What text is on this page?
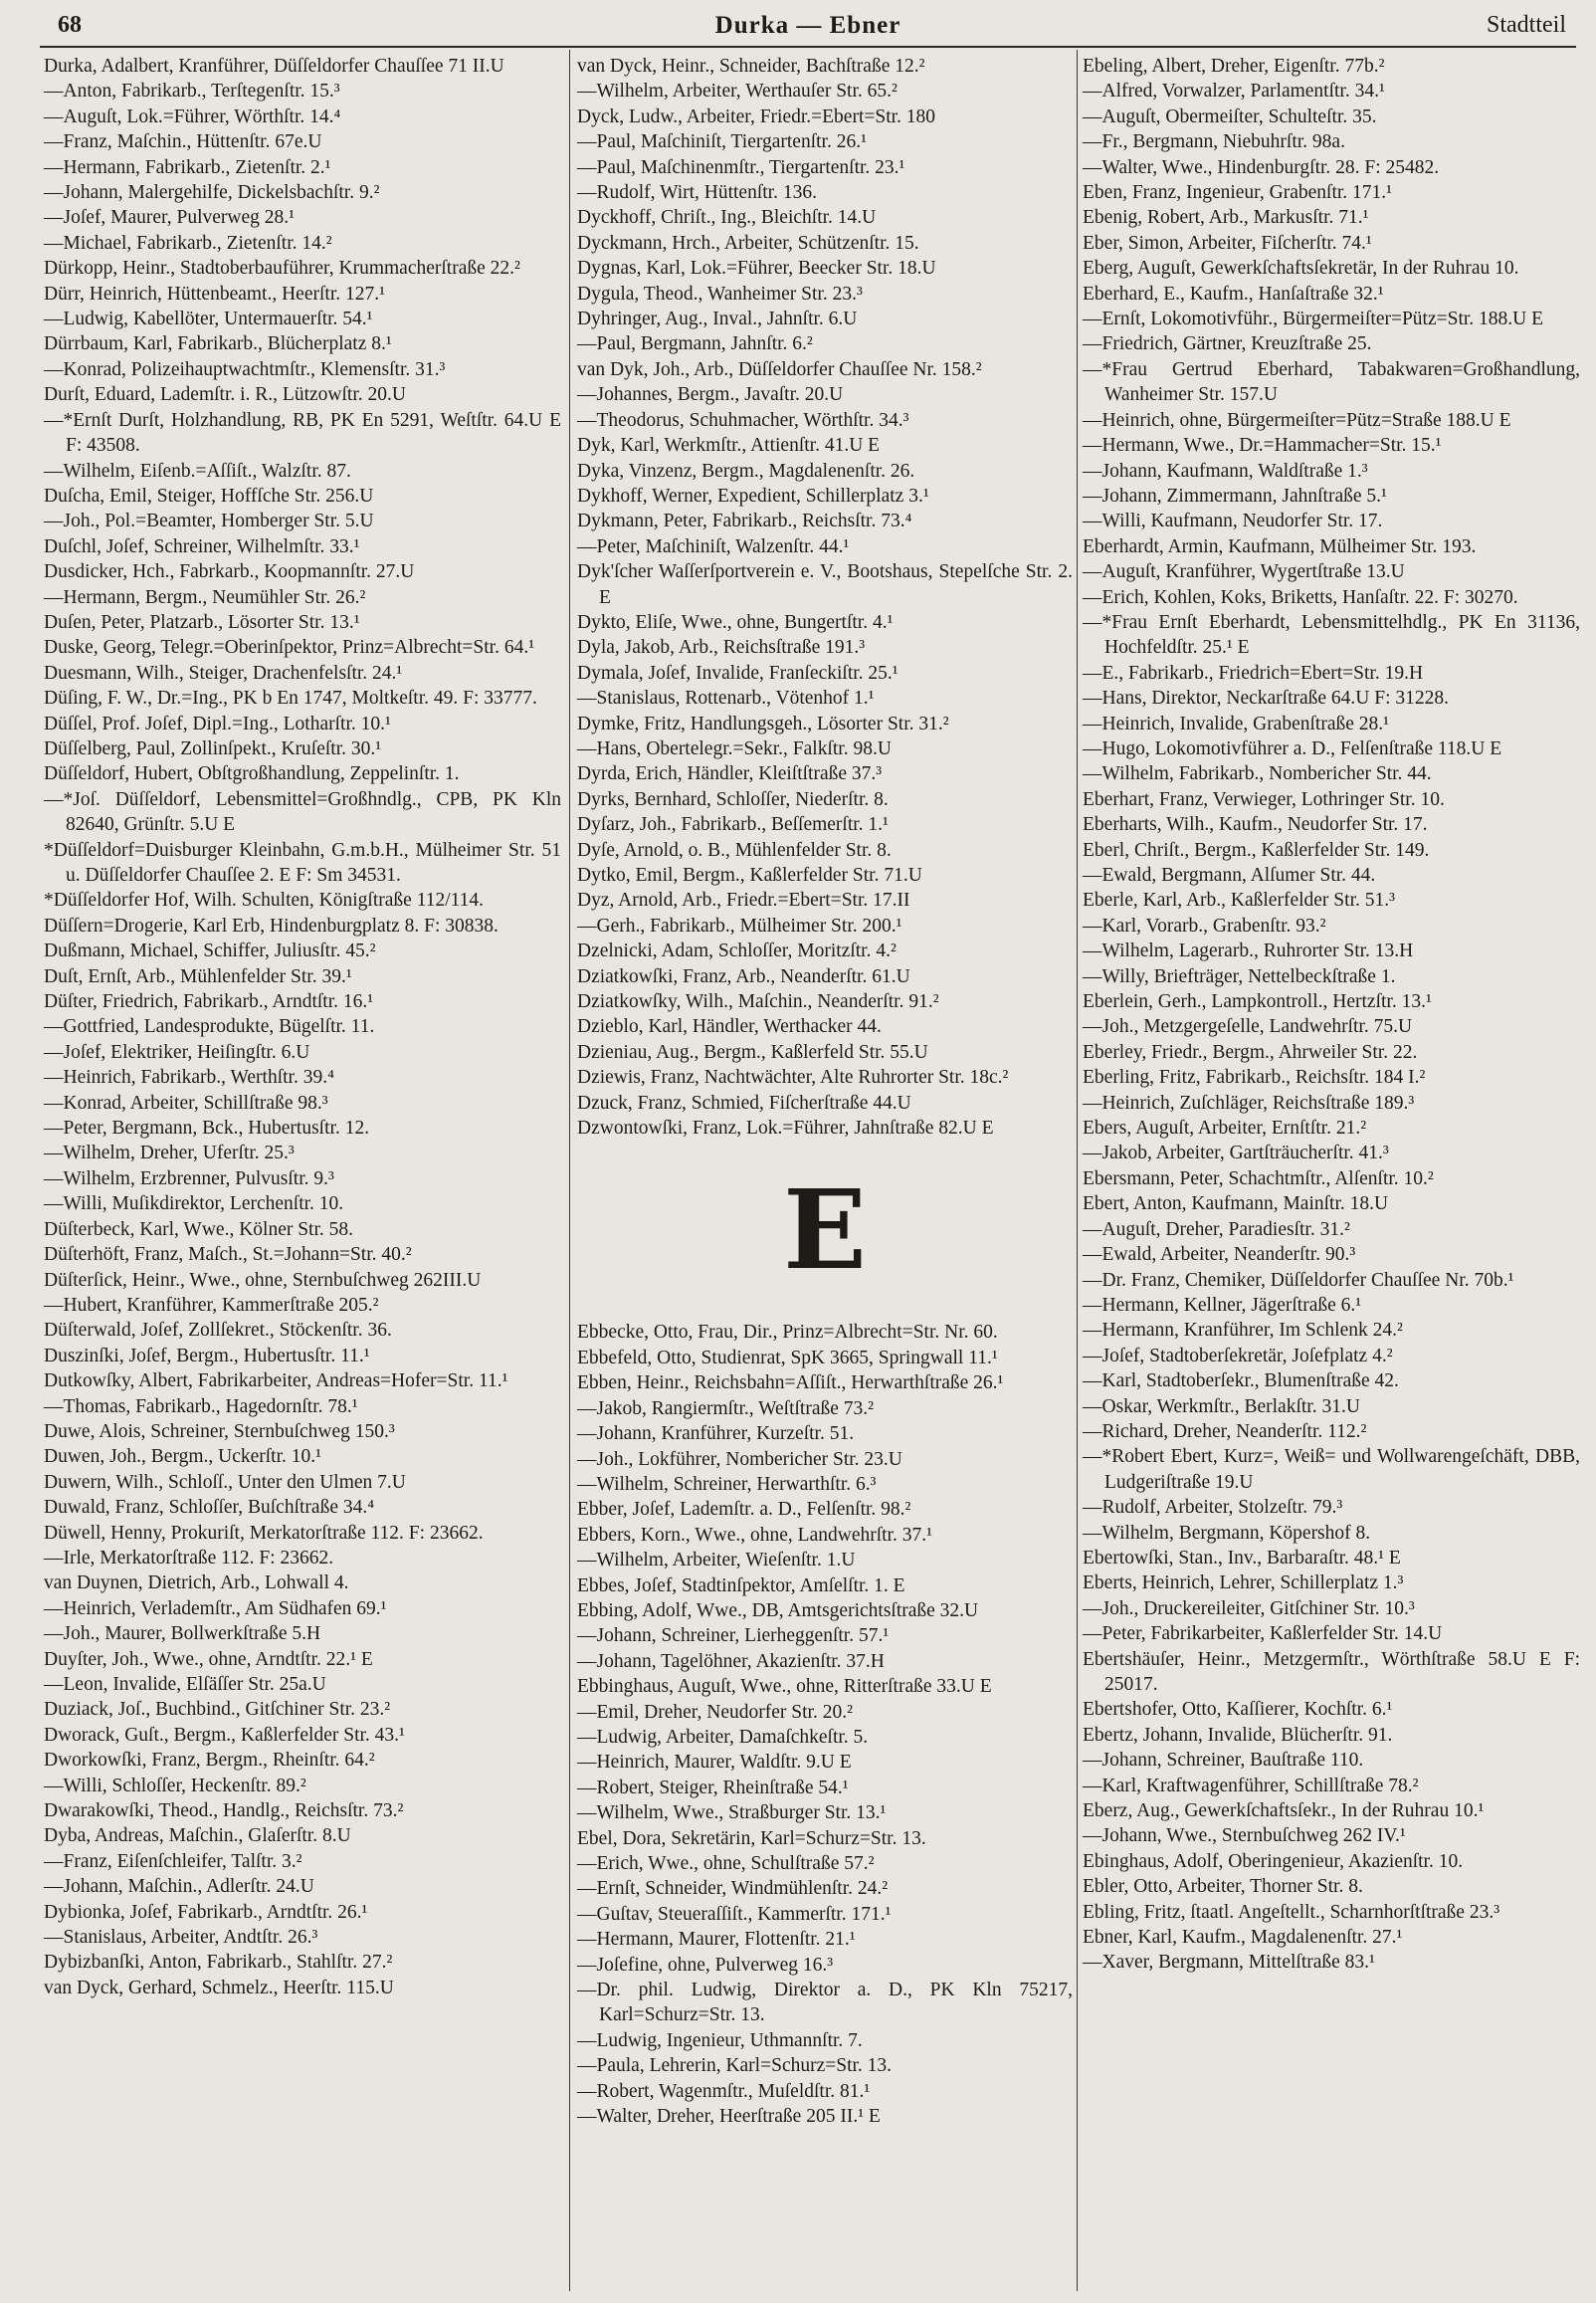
68	Durka — Ebner	Stadtteil

Durka, Adalbert, Kranführer, Düſſeldorfer Chauſſee 71 II.U

—Anton, Fabrikarb., Terſtegenſtr. 15.³

—Auguſt, Lok.=Führer, Wörthſtr. 14.⁴

—Franz, Maſchin., Hüttenſtr. 67e.U

—Hermann, Fabrikarb., Zietenſtr. 2.¹

—Johann, Malergehilfe, Dickelsbachſtr. 9.²

—Joſef, Maurer, Pulverweg 28.¹

—Michael, Fabrikarb., Zietenſtr. 14.²

Dürkopp, Heinr., Stadtoberbauführer, Krummacherſtraße 22.²

Dürr, Heinrich, Hüttenbeamt., Heerſtr. 127.¹

—Ludwig, Kabellöter, Untermauerſtr. 54.¹

Dürrbaum, Karl, Fabrikarb., Blücherplatz 8.¹

—Konrad, Polizeihauptwachtmſtr., Klemensſtr. 31.³

Durſt, Eduard, Lademſtr. i. R., Lützowſtr. 20.U

—*Ernſt Durſt, Holzhandlung, RB, PK En 5291, Weſtſtr. 64.U E F: 43508.

—Wilhelm, Eiſenb.=Aſſiſt., Walzſtr. 87.

Duſcha, Emil, Steiger, Hoffſche Str. 256.U

—Joh., Pol.=Beamter, Homberger Str. 5.U

Duſchl, Joſef, Schreiner, Wilhelmſtr. 33.¹

Dusdicker, Hch., Fabrkarb., Koopmannſtr. 27.U

—Hermann, Bergm., Neumühler Str. 26.²

Duſen, Peter, Platzarb., Lösorter Str. 13.¹

Duske, Georg, Telegr.=Oberinſpektor, Prinz=Albrecht=Str. 64.¹

Duesmann, Wilh., Steiger, Drachenfelsſtr. 24.¹

Düſing, F. W., Dr.=Ing., PK b En 1747, Moltkeſtr. 49. F: 33777.

Düſſel, Prof. Joſef, Dipl.=Ing., Lotharſtr. 10.¹

Düſſelberg, Paul, Zollinſpekt., Kruſeſtr. 30.¹

Düſſeldorf, Hubert, Obſtgroßhandlung, Zeppelinſtr. 1.

—*Joſ. Düſſeldorf, Lebensmittel=Großhndlg., CPB, PK Kln 82640, Grünſtr. 5.U E

*Düſſeldorf=Duisburger Kleinbahn, G.m.b.H., Mülheimer Str. 51 u. Düſſeldorfer Chauſſee 2. E F: Sm 34531.

*Düſſeldorfer Hof, Wilh. Schulten, Königſtraße 112/114.

Düſſern=Drogerie, Karl Erb, Hindenburgplatz 8. F: 30838.

Dußmann, Michael, Schiffer, Juliusſtr. 45.²

Duſt, Ernſt, Arb., Mühlenfelder Str. 39.¹

Düſter, Friedrich, Fabrikarb., Arndtſtr. 16.¹

—Gottfried, Landesprodukte, Bügelſtr. 11.

—Joſef, Elektriker, Heiſingſtr. 6.U

—Heinrich, Fabrikarb., Werthſtr. 39.⁴

—Konrad, Arbeiter, Schillſtraße 98.³

—Peter, Bergmann, Bck., Hubertusſtr. 12.

—Wilhelm, Dreher, Uferſtr. 25.³

—Wilhelm, Erzbrenner, Pulvusſtr. 9.³

—Willi, Muſikdirektor, Lerchenſtr. 10.

Düſterbeck, Karl, Wwe., Kölner Str. 58.

Düſterhöft, Franz, Maſch., St.=Johann=Str. 40.²

Düſterſick, Heinr., Wwe., ohne, Sternbuſchweg 262III.U

—Hubert, Kranführer, Kammerſtraße 205.²

Düſterwald, Joſef, Zollſekret., Stöckenſtr. 36.

Duszinſki, Joſef, Bergm., Hubertusſtr. 11.¹

Dutkowſky, Albert, Fabrikarbeiter, Andreas=Hofer=Str. 11.¹

—Thomas, Fabrikarb., Hagedornſtr. 78.¹

Duwe, Alois, Schreiner, Sternbuſchweg 150.³

Duwen, Joh., Bergm., Uckerſtr. 10.¹

Duwern, Wilh., Schloſſ., Unter den Ulmen 7.U

Duwald, Franz, Schloſſer, Buſchſtraße 34.⁴

Düwell, Henny, Prokuriſt, Merkatorſtraße 112. F: 23662.

—Irle, Merkatorſtraße 112. F: 23662.

van Duynen, Dietrich, Arb., Lohwall 4.

—Heinrich, Verlademſtr., Am Südhafen 69.¹

—Joh., Maurer, Bollwerkſtraße 5.H

Duyſter, Joh., Wwe., ohne, Arndtſtr. 22.¹ E

—Leon, Invalide, Elſäſſer Str. 25a.U

Duziack, Joſ., Buchbind., Gitſchiner Str. 23.²

Dworack, Guſt., Bergm., Kaßlerfelder Str. 43.¹

Dworkowſki, Franz, Bergm., Rheinſtr. 64.²

—Willi, Schloſſer, Heckenſtr. 89.²

Dwarakowſki, Theod., Handlg., Reichsſtr. 73.²

Dyba, Andreas, Maſchin., Glaſerſtr. 8.U

—Franz, Eiſenſchleifer, Talſtr. 3.²

—Johann, Maſchin., Adlerſtr. 24.U

Dybionka, Joſef, Fabrikarb., Arndtſtr. 26.¹

—Stanislaus, Arbeiter, Andtſtr. 26.³

Dybizbanſki, Anton, Fabrikarb., Stahlſtr. 27.²

van Dyck, Gerhard, Schmelz., Heerſtr. 115.U

van Dyck, Heinr., Schneider, Bachſtraße 12.²

—Wilhelm, Arbeiter, Werthauſer Str. 65.²

Dyck, Ludw., Arbeiter, Friedr.=Ebert=Str. 180

—Paul, Maſchiniſt, Tiergartenſtr. 26.¹

—Paul, Maſchinenmſtr., Tiergartenſtr. 23.¹

—Rudolf, Wirt, Hüttenſtr. 136.

Dyckhoff, Chriſt., Ing., Bleichſtr. 14.U

Dyckmann, Hrch., Arbeiter, Schützenſtr. 15.

Dygnas, Karl, Lok.=Führer, Beecker Str. 18.U

Dygula, Theod., Wanheimer Str. 23.³

Dyhringer, Aug., Inval., Jahnſtr. 6.U

—Paul, Bergmann, Jahnſtr. 6.²

van Dyk, Joh., Arb., Düſſeldorfer Chauſſee Nr. 158.²

—Johannes, Bergm., Javaſtr. 20.U

—Theodorus, Schuhmacher, Wörthſtr. 34.³

Dyk, Karl, Werkmſtr., Attienſtr. 41.U E

Dyka, Vinzenz, Bergm., Magdalenenſtr. 26.

Dykhoff, Werner, Expedient, Schillerplatz 3.¹

Dykmann, Peter, Fabrikarb., Reichsſtr. 73.⁴

—Peter, Maſchiniſt, Walzenſtr. 44.¹

Dyk'ſcher Waſſerſportverein e. V., Bootshaus, Stepelſche Str. 2. E

Dykto, Eliſe, Wwe., ohne, Bungertſtr. 4.¹

Dyla, Jakob, Arb., Reichsſtraße 191.³

Dymala, Joſef, Invalide, Franſeckiſtr. 25.¹

—Stanislaus, Rottenarb., Vötenhof 1.¹

Dymke, Fritz, Handlungsgeh., Lösorter Str. 31.²

—Hans, Obertelegr.=Sekr., Falkſtr. 98.U

Dyrda, Erich, Händler, Kleiſtſtraße 37.³

Dyrks, Bernhard, Schloſſer, Niederſtr. 8.

Dyſarz, Joh., Fabrikarb., Beſſemerſtr. 1.¹

Dyſe, Arnold, o. B., Mühlenfelder Str. 8.

Dytko, Emil, Bergm., Kaßlerfelder Str. 71.U

Dyz, Arnold, Arb., Friedr.=Ebert=Str. 17.II

—Gerh., Fabrikarb., Mülheimer Str. 200.¹

Dzelnicki, Adam, Schloſſer, Moritzſtr. 4.²

Dziatkowſki, Franz, Arb., Neanderſtr. 61.U

Dziatkowſky, Wilh., Maſchin., Neanderſtr. 91.²

Dzieblo, Karl, Händler, Werthacker 44.

Dzieniau, Aug., Bergm., Kaßlerfeld Str. 55.U

Dziewis, Franz, Nachtwächter, Alte Ruhrorter Str. 18c.²

Dzuck, Franz, Schmied, Fiſcherſtraße 44.U

Dzwontowſki, Franz, Lok.=Führer, Jahnſtraße 82.U E

E

Ebbecke, Otto, Frau, Dir., Prinz=Albrecht=Str. Nr. 60.

Ebbefeld, Otto, Studienrat, SpK 3665, Springwall 11.¹

Ebben, Heinr., Reichsbahn=Aſſiſt., Herwarthſtraße 26.¹

—Jakob, Rangiermſtr., Weſtſtraße 73.²

—Johann, Kranführer, Kurzeſtr. 51.

—Joh., Lokführer, Nombericher Str. 23.U

—Wilhelm, Schreiner, Herwarthſtr. 6.³

Ebber, Joſef, Lademſtr. a. D., Felſenſtr. 98.²

Ebbers, Korn., Wwe., ohne, Landwehrſtr. 37.¹

—Wilhelm, Arbeiter, Wieſenſtr. 1.U

Ebbes, Joſef, Stadtinſpektor, Amſelſtr. 1. E

Ebbing, Adolf, Wwe., DB, Amtsgerichtsſtraße 32.U

—Johann, Schreiner, Lierheggenſtr. 57.¹

—Johann, Tagelöhner, Akazienſtr. 37.H

Ebbinghaus, Auguſt, Wwe., ohne, Ritterſtraße 33.U E

—Emil, Dreher, Neudorfer Str. 20.²

—Ludwig, Arbeiter, Damaſchkeſtr. 5.

—Heinrich, Maurer, Waldſtr. 9.U E

—Robert, Steiger, Rheinſtraße 54.¹

—Wilhelm, Wwe., Straßburger Str. 13.¹

Ebel, Dora, Sekretärin, Karl=Schurz=Str. 13.

—Erich, Wwe., ohne, Schulſtraße 57.²

—Ernſt, Schneider, Windmühlenſtr. 24.²

—Guſtav, Steueraſſiſt., Kammerſtr. 171.¹

—Hermann, Maurer, Flottenſtr. 21.¹

—Joſefine, ohne, Pulverweg 16.³

—Dr. phil. Ludwig, Direktor a. D., PK Kln 75217, Karl=Schurz=Str. 13.

—Ludwig, Ingenieur, Uthmannſtr. 7.

—Paula, Lehrerin, Karl=Schurz=Str. 13.

—Robert, Wagenmſtr., Muſeldſtr. 81.¹

—Walter, Dreher, Heerſtraße 205 II.¹ E

Ebeling, Albert, Dreher, Eigenſtr. 77b.²

—Alfred, Vorwalzer, Parlamentſtr. 34.¹

—Auguſt, Obermeiſter, Schulteſtr. 35.

—Fr., Bergmann, Niebuhrſtr. 98a.

—Walter, Wwe., Hindenburgſtr. 28. F: 25482.

Eben, Franz, Ingenieur, Grabenſtr. 171.¹

Ebenig, Robert, Arb., Markusſtr. 71.¹

Eber, Simon, Arbeiter, Fiſcherſtr. 74.¹

Eberg, Auguſt, Gewerkſchaftsſekretär, In der Ruhrau 10.

Eberhard, E., Kaufm., Hanſaſtraße 32.¹

—Ernſt, Lokomotivführ., Bürgermeiſter=Pütz=Str. 188.U E

—Friedrich, Gärtner, Kreuzſtraße 25.

—*Frau Gertrud Eberhard, Tabakwaren=Großhandlung, Wanheimer Str. 157.U

—Heinrich, ohne, Bürgermeiſter=Pütz=Straße 188.U E

—Hermann, Wwe., Dr.=Hammacher=Str. 15.¹

—Johann, Kaufmann, Waldſtraße 1.³

—Johann, Zimmermann, Jahnſtraße 5.¹

—Willi, Kaufmann, Neudorfer Str. 17.

Eberhardt, Armin, Kaufmann, Mülheimer Str. 193.

—Auguſt, Kranführer, Wygertſtraße 13.U

—Erich, Kohlen, Koks, Briketts, Hanſaſtr. 22. F: 30270.

—*Frau Ernſt Eberhardt, Lebensmittelhdlg., PK En 31136, Hochfeldſtr. 25.¹ E

—E., Fabrikarb., Friedrich=Ebert=Str. 19.H

—Hans, Direktor, Neckarſtraße 64.U F: 31228.

—Heinrich, Invalide, Grabenſtraße 28.¹

—Hugo, Lokomotivführer a. D., Felſenſtraße 118.U E

—Wilhelm, Fabrikarb., Nombericher Str. 44.

Eberhart, Franz, Verwieger, Lothringer Str. 10.

Eberharts, Wilh., Kaufm., Neudorfer Str. 17.

Eberl, Chriſt., Bergm., Kaßlerfelder Str. 149.

—Ewald, Bergmann, Alſumer Str. 44.

Eberle, Karl, Arb., Kaßlerfelder Str. 51.³

—Karl, Vorarb., Grabenſtr. 93.²

—Wilhelm, Lagerarb., Ruhrorter Str. 13.H

—Willy, Briefträger, Nettelbeckſtraße 1.

Eberlein, Gerh., Lampkontroll., Hertzſtr. 13.¹

—Joh., Metzgergeſelle, Landwehrſtr. 75.U

Eberley, Friedr., Bergm., Ahrweiler Str. 22.

Eberling, Fritz, Fabrikarb., Reichsſtr. 184 I.²

—Heinrich, Zuſchläger, Reichsſtraße 189.³

Ebers, Auguſt, Arbeiter, Ernſtſtr. 21.²

—Jakob, Arbeiter, Gartſträucherſtr. 41.³

Ebersmann, Peter, Schachtmſtr., Alſenſtr. 10.²

Ebert, Anton, Kaufmann, Mainſtr. 18.U

—Auguſt, Dreher, Paradiesſtr. 31.²

—Ewald, Arbeiter, Neanderſtr. 90.³

—Dr. Franz, Chemiker, Düſſeldorfer Chauſſee Nr. 70b.¹

—Hermann, Kellner, Jägerſtraße 6.¹

—Hermann, Kranführer, Im Schlenk 24.²

—Joſef, Stadtoberſekretär, Joſefplatz 4.²

—Karl, Stadtoberſekr., Blumenſtraße 42.

—Oskar, Werkmſtr., Berlakſtr. 31.U

—Richard, Dreher, Neanderſtr. 112.²

—*Robert Ebert, Kurz=, Weiß= und Wollwarengeſchäft, DBB, Ludgeriſtraße 19.U

—Rudolf, Arbeiter, Stolzeſtr. 79.³

—Wilhelm, Bergmann, Köpershof 8.

Ebertowſki, Stan., Inv., Barbaraſtr. 48.¹ E

Eberts, Heinrich, Lehrer, Schillerplatz 1.³

—Joh., Druckereileiter, Gitſchiner Str. 10.³

—Peter, Fabrikarbeiter, Kaßlerfelder Str. 14.U

Ebertshäuſer, Heinr., Metzgermſtr., Wörthſtraße 58.U E F: 25017.

Ebertshofer, Otto, Kaſſierer, Kochſtr. 6.¹

Ebertz, Johann, Invalide, Blücherſtr. 91.

—Johann, Schreiner, Bauſtraße 110.

—Karl, Kraftwagenführer, Schillſtraße 78.²

Eberz, Aug., Gewerkſchaftsſekr., In der Ruhrau 10.¹

—Johann, Wwe., Sternbuſchweg 262 IV.¹

Ebinghaus, Adolf, Oberingenieur, Akazienſtr. 10.

Ebler, Otto, Arbeiter, Thorner Str. 8.

Ebling, Fritz, ſtaatl. Angeſtellt., Scharnhorſtſtraße 23.³

Ebner, Karl, Kaufm., Magdalenenſtr. 27.¹

—Xaver, Bergmann, Mittelſtraße 83.¹
